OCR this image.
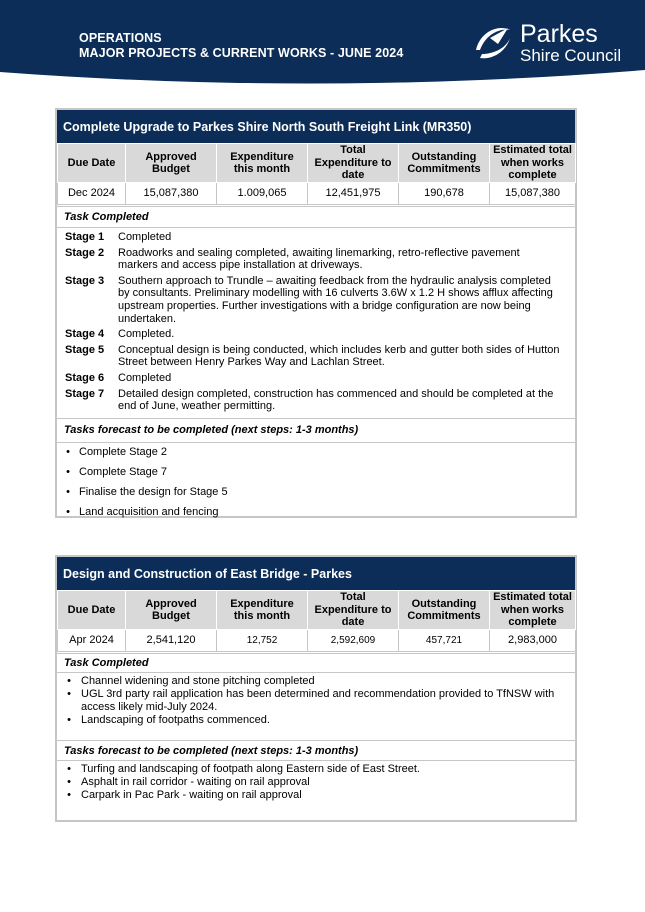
OPERATIONS
MAJOR PROJECTS & CURRENT WORKS - JUNE 2024
Parkes
Shire Council
Complete Upgrade to Parkes Shire North South Freight Link (MR350)
Due Date	Approved Budget	Expenditure this month	Total Expenditure to date	Outstanding Commitments	Estimated total when works complete
Dec 2024	15,087,380	1.009,065	12,451,975	190,678	15,087,380
Task Completed
Stage 1	Completed
Stage 2	Roadworks and sealing completed, awaiting linemarking, retro-reflective pavement markers and access pipe installation at driveways.
Stage 3	Southern approach to Trundle – awaiting feedback from the hydraulic analysis completed by consultants. Preliminary modelling with 16 culverts 3.6W x 1.2 H shows afflux affecting upstream properties. Further investigations with a bridge configuration are now being undertaken.
Stage 4	Completed.
Stage 5	Conceptual design is being conducted, which includes kerb and gutter both sides of Hutton Street between Henry Parkes Way and Lachlan Street.
Stage 6	Completed
Stage 7	Detailed design completed, construction has commenced and should be completed at the end of June, weather permitting.
Tasks forecast to be completed (next steps: 1-3 months)
• Complete Stage 2
• Complete Stage 7
• Finalise the design for Stage 5
• Land acquisition and fencing
Design and Construction of East Bridge - Parkes
Due Date	Approved Budget	Expenditure this month	Total Expenditure to date	Outstanding Commitments	Estimated total when works complete
Apr 2024	2,541,120	12,752	2,592,609	457,721	2,983,000
Task Completed
• Channel widening and stone pitching completed
• UGL 3rd party rail application has been determined and recommendation provided to TfNSW with access likely mid-July 2024.
• Landscaping of footpaths commenced.
Tasks forecast to be completed (next steps: 1-3 months)
• Turfing and landscaping of footpath along Eastern side of East Street.
• Asphalt in rail corridor - waiting on rail approval
• Carpark in Pac Park - waiting on rail approval
